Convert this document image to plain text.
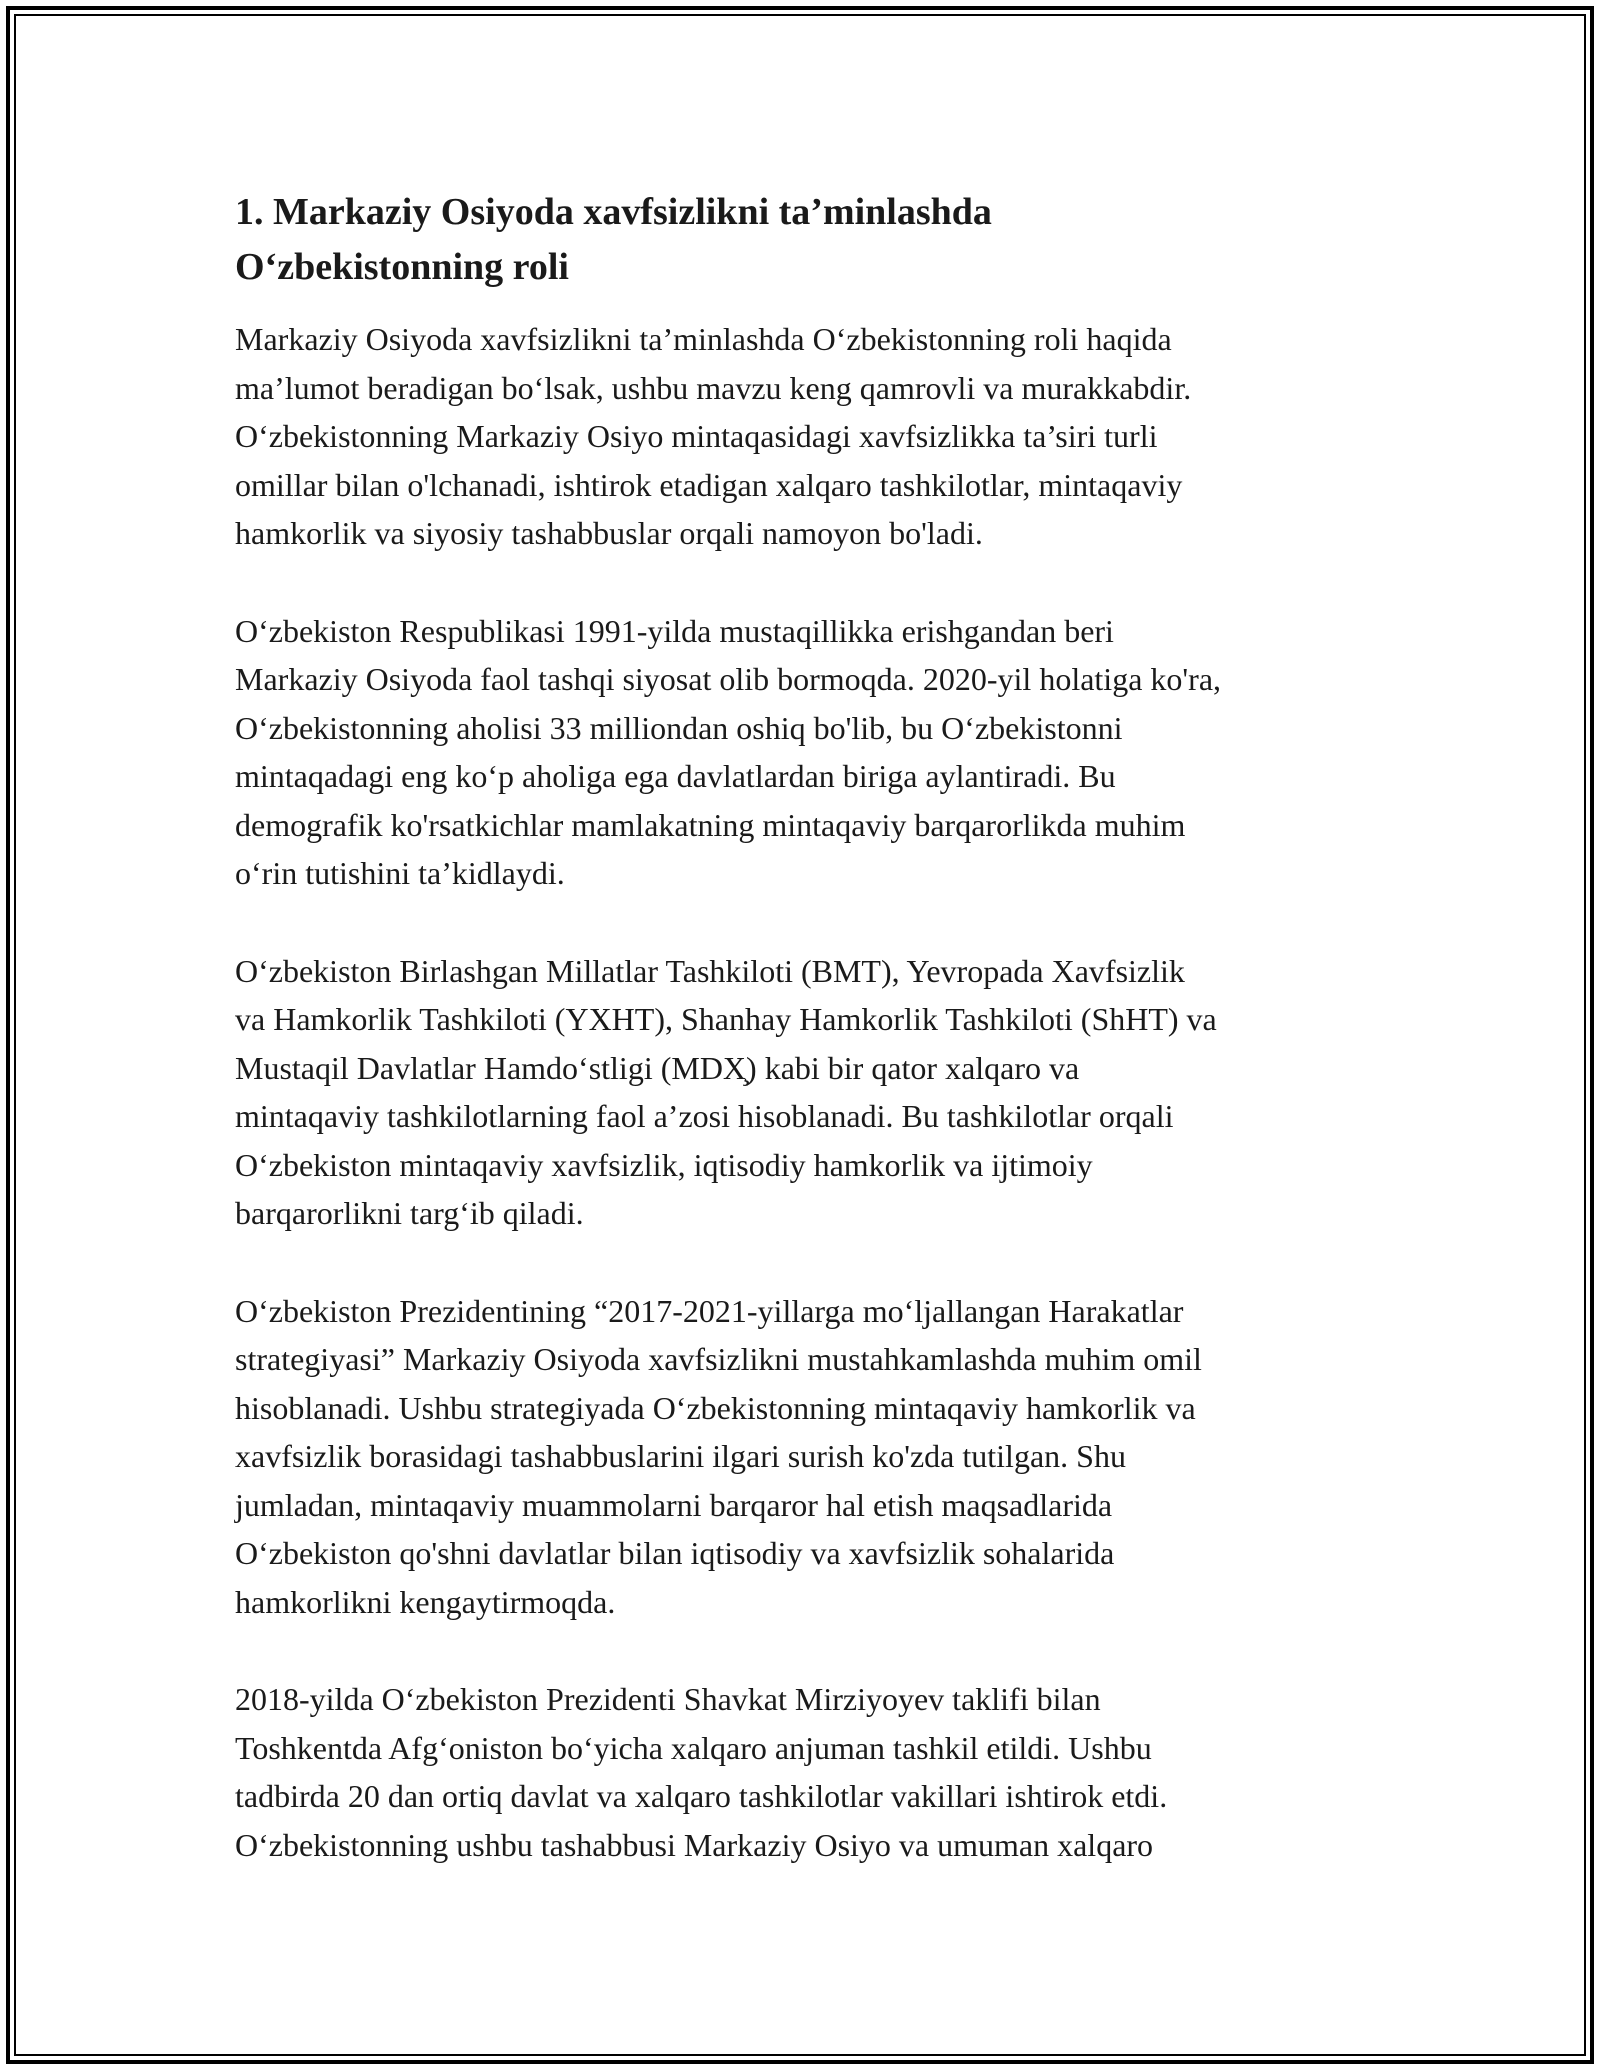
1. Markaziy Osiyoda xavfsizlikni ta’minlashda
O‘zbekistonning roli

Markaziy Osiyoda xavfsizlikni ta’minlashda O‘zbekistonning roli haqida
ma’lumot beradigan bo‘lsak, ushbu mavzu keng qamrovli va murakkabdir.
O‘zbekistonning Markaziy Osiyo mintaqasidagi xavfsizlikka ta’siri turli
omillar bilan o'lchanadi, ishtirok etadigan xalqaro tashkilotlar, mintaqaviy
hamkorlik va siyosiy tashabbuslar orqali namoyon bo'ladi.

O‘zbekiston Respublikasi 1991-yilda mustaqillikka erishgandan beri
Markaziy Osiyoda faol tashqi siyosat olib bormoqda. 2020-yil holatiga ko'ra,
O‘zbekistonning aholisi 33 milliondan oshiq bo'lib, bu O‘zbekistonni
mintaqadagi eng ko‘p aholiga ega davlatlardan biriga aylantiradi. Bu
demografik ko'rsatkichlar mamlakatning mintaqaviy barqarorlikda muhim
o‘rin tutishini ta’kidlaydi.

O‘zbekiston Birlashgan Millatlar Tashkiloti (BMT), Yevropada Xavfsizlik
va Hamkorlik Tashkiloti (YXHT), Shanhay Hamkorlik Tashkiloti (ShHT) va
Mustaqil Davlatlar Hamdo‘stligi (MDX̧) kabi bir qator xalqaro va
mintaqaviy tashkilotlarning faol a’zosi hisoblanadi. Bu tashkilotlar orqali
O‘zbekiston mintaqaviy xavfsizlik, iqtisodiy hamkorlik va ijtimoiy
barqarorlikni targ‘ib qiladi.

O‘zbekiston Prezidentining “2017-2021-yillarga mo‘ljallangan Harakatlar
strategiyasi” Markaziy Osiyoda xavfsizlikni mustahkamlashda muhim omil
hisoblanadi. Ushbu strategiyada O‘zbekistonning mintaqaviy hamkorlik va
xavfsizlik borasidagi tashabbuslarini ilgari surish ko'zda tutilgan. Shu
jumladan, mintaqaviy muammolarni barqaror hal etish maqsadlarida
O‘zbekiston qo'shni davlatlar bilan iqtisodiy va xavfsizlik sohalarida
hamkorlikni kengaytirmoqda.

2018-yilda O‘zbekiston Prezidenti Shavkat Mirziyoyev taklifi bilan
Toshkentda Afg‘oniston bo‘yicha xalqaro anjuman tashkil etildi. Ushbu
tadbirda 20 dan ortiq davlat va xalqaro tashkilotlar vakillari ishtirok etdi.
O‘zbekistonning ushbu tashabbusi Markaziy Osiyo va umuman xalqaro
